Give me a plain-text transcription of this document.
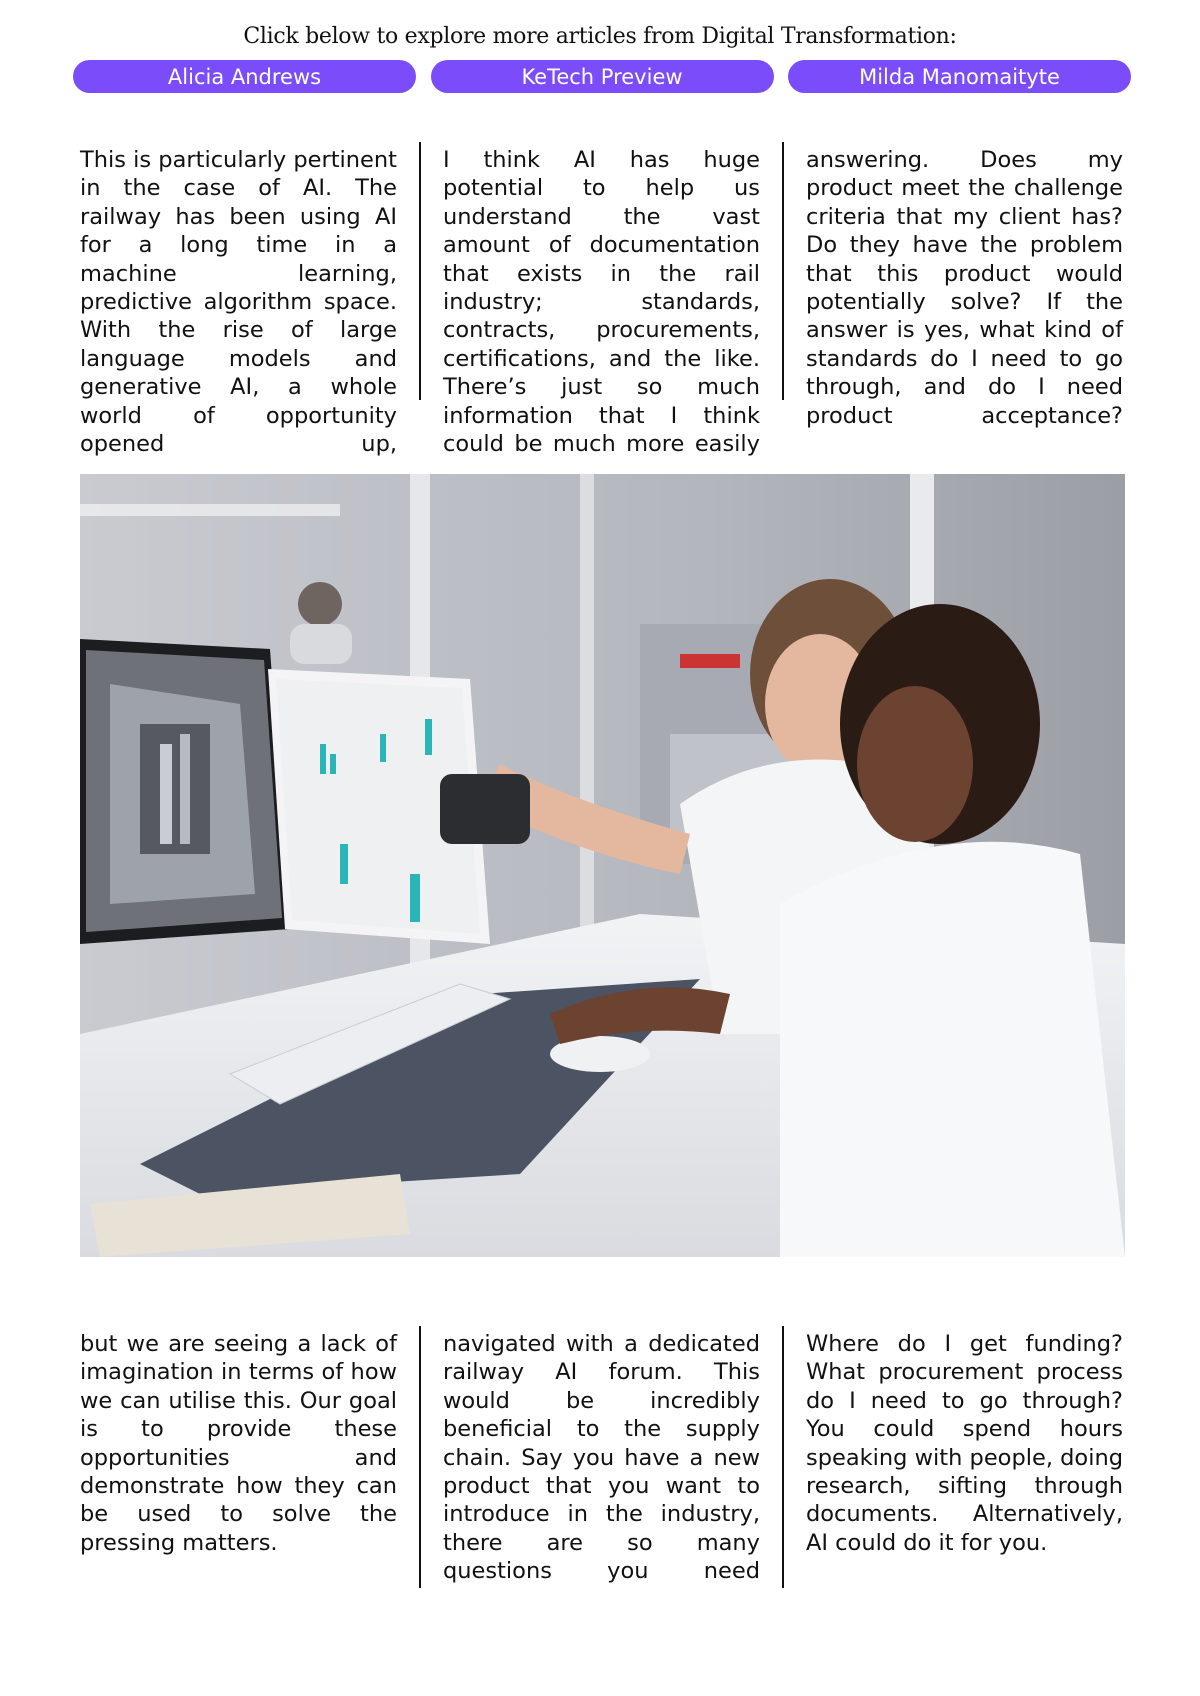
Click below to explore more articles from Digital Transformation:
Alicia Andrews	KeTech Preview	Milda Manomaityte
This is particularly pertinent in the case of AI. The railway has been using AI for a long time in a machine learning, predictive algorithm space. With the rise of large language models and generative AI, a whole world of opportunity opened up,
I think AI has huge potential to help us understand the vast amount of documentation that exists in the rail industry; standards, contracts, procurements, certifications, and the like. There’s just so much information that I think could be much more easily
answering. Does my product meet the challenge criteria that my client has? Do they have the problem that this product would potentially solve? If the answer is yes, what kind of standards do I need to go through, and do I need product acceptance?
but we are seeing a lack of imagination in terms of how we can utilise this. Our goal is to provide these opportunities and demonstrate how they can be used to solve the pressing matters.
navigated with a dedicated railway AI forum. This would be incredibly beneficial to the supply chain. Say you have a new product that you want to introduce in the industry, there are so many questions you need
Where do I get funding? What procurement process do I need to go through? You could spend hours speaking with people, doing research, sifting through documents. Alternatively, AI could do it for you.
